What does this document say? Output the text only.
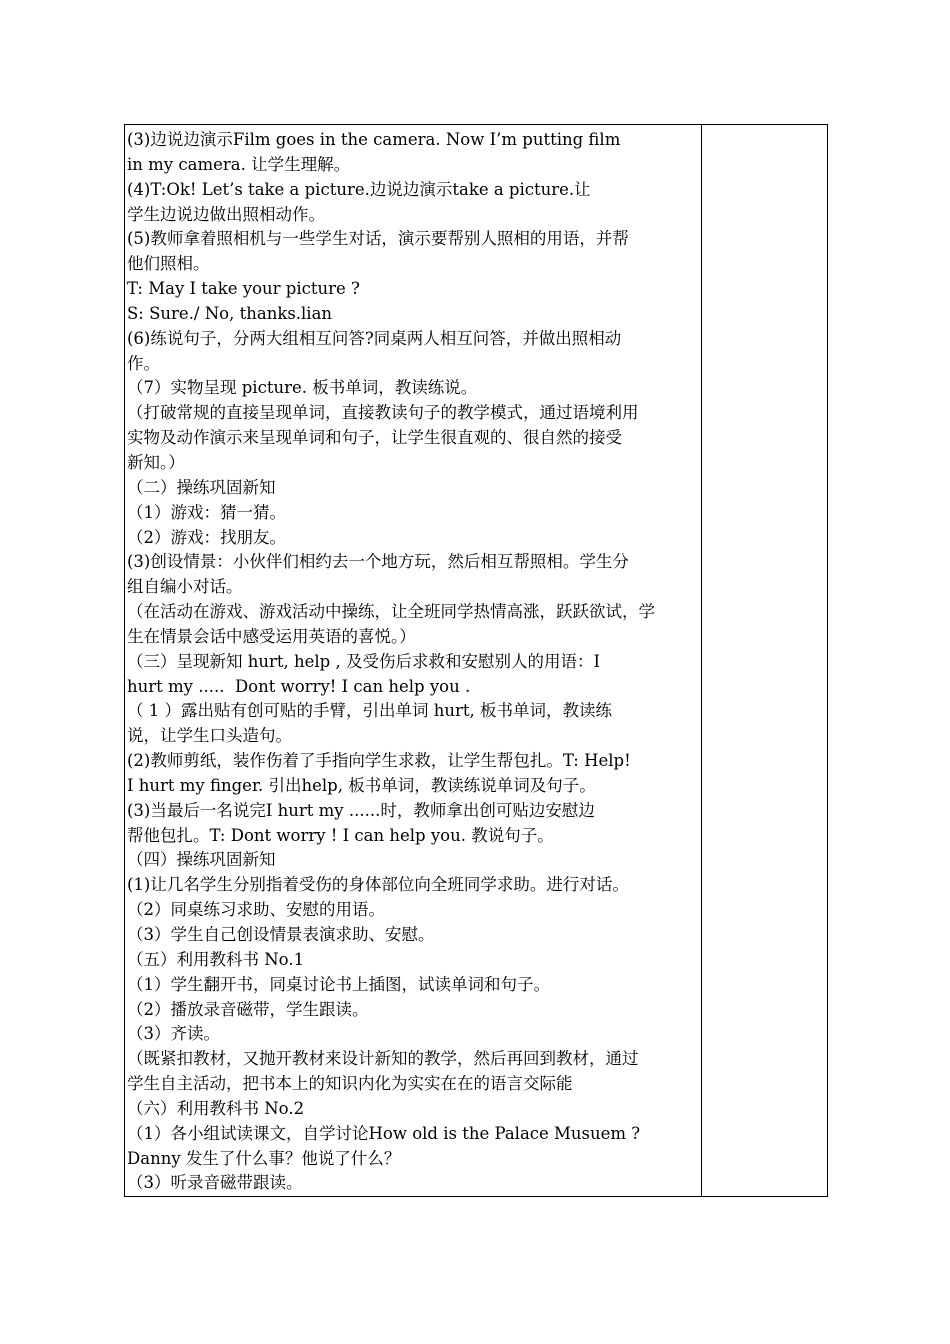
(3)边说边演示Film goes in the camera. Now I’m putting film
in my camera. 让学生理解。
(4)T:Ok! Let’s take a picture.边说边演示take a picture.让
学生边说边做出照相动作。
(5)教师拿着照相机与一些学生对话，演示要帮别人照相的用语，并帮
他们照相。
T: May I take your picture ?
S: Sure./ No, thanks.lian
(6)练说句子，分两大组相互问答?同桌两人相互问答，并做出照相动
作。
（7）实物呈现 picture. 板书单词，教读练说。
（打破常规的直接呈现单词，直接教读句子的教学模式，通过语境利用
实物及动作演示来呈现单词和句子，让学生很直观的、很自然的接受
新知。）
（二）操练巩固新知
（1）游戏：猜一猜。
（2）游戏：找朋友。
(3)创设情景：小伙伴们相约去一个地方玩，然后相互帮照相。学生分
组自编小对话。
（在活动在游戏、游戏活动中操练，让全班同学热情高涨，跃跃欲试，学
生在情景会话中感受运用英语的喜悦。）
（三）呈现新知 hurt, help , 及受伤后求救和安慰别人的用语：I
hurt my .....  Dont worry! I can help you .
（ 1 ）露出贴有创可贴的手臂，引出单词 hurt, 板书单词，教读练
说，让学生口头造句。
(2)教师剪纸，装作伤着了手指向学生求救，让学生帮包扎。T: Help!
I hurt my finger. 引出help, 板书单词，教读练说单词及句子。
(3)当最后一名说完I hurt my ......时，教师拿出创可贴边安慰边
帮他包扎。T: Dont worry ! I can help you. 教说句子。
（四）操练巩固新知
(1)让几名学生分别指着受伤的身体部位向全班同学求助。进行对话。
（2）同桌练习求助、安慰的用语。
（3）学生自己创设情景表演求助、安慰。
（五）利用教科书 No.1
（1）学生翻开书，同桌讨论书上插图，试读单词和句子。
（2）播放录音磁带，学生跟读。
（3）齐读。
（既紧扣教材，又抛开教材来设计新知的教学，然后再回到教材，通过
学生自主活动，把书本上的知识内化为实实在在的语言交际能
（六）利用教科书 No.2
（1）各小组试读课文，自学讨论How old is the Palace Musuem ?
Danny 发生了什么事？他说了什么？
（3）听录音磁带跟读。
